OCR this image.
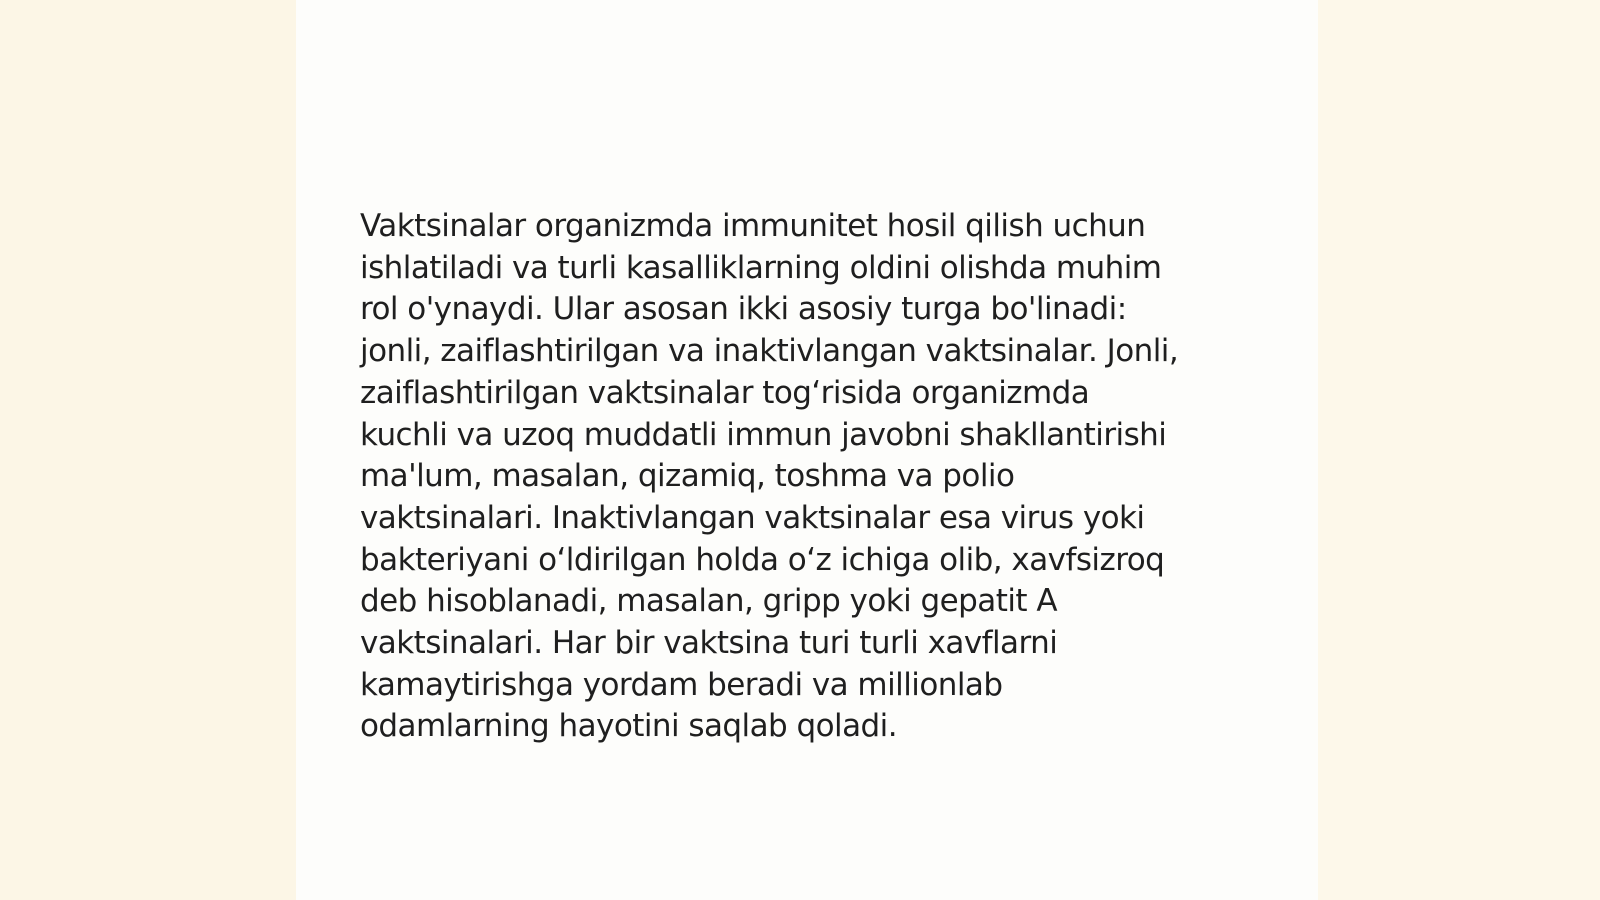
Vaktsinalar organizmda immunitet hosil qilish uchun
ishlatiladi va turli kasalliklarning oldini olishda muhim
rol o'ynaydi. Ular asosan ikki asosiy turga bo'linadi:
jonli, zaiflashtirilgan va inaktivlangan vaktsinalar. Jonli,
zaiflashtirilgan vaktsinalar tog‘risida organizmda
kuchli va uzoq muddatli immun javobni shakllantirishi
ma'lum, masalan, qizamiq, toshma va polio
vaktsinalari. Inaktivlangan vaktsinalar esa virus yoki
bakteriyani o‘ldirilgan holda o‘z ichiga olib, xavfsizroq
deb hisoblanadi, masalan, gripp yoki gepatit A
vaktsinalari. Har bir vaktsina turi turli xavflarni
kamaytirishga yordam beradi va millionlab
odamlarning hayotini saqlab qoladi.
